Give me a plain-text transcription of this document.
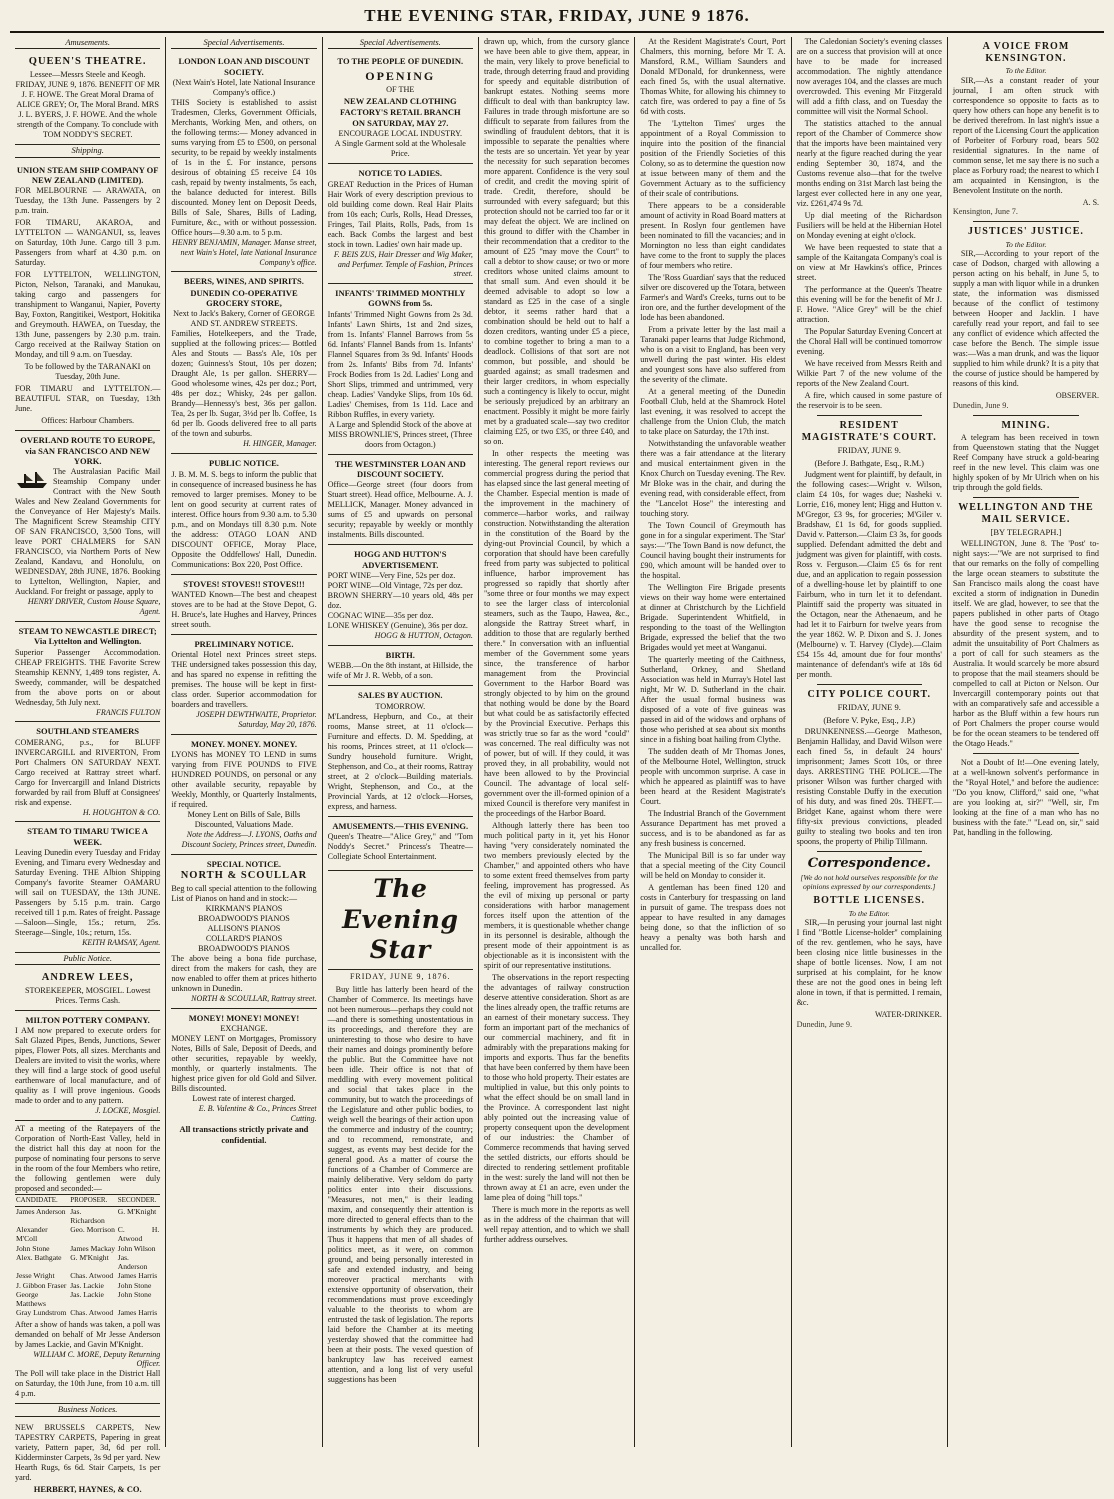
THE EVENING STAR, FRIDAY, JUNE 9 1876.
Amusements.
QUEEN'S THEATRE.
Lessee—Messrs Steele and Keogh. FRIDAY, JUNE 9, 1876. BENEFIT OF MR J. F. HOWE. The Great Moral Drama of ALICE GREY; Or, The Moral Brand. MRS J. L. BYERS, J. F. HOWE. And the whole strength of the Company. To conclude with TOM NODDY'S SECRET.
Shipping.
UNION STEAM SHIP COMPANY OF NEW ZEALAND (LIMITED).
FOR MELBOURNE — ARAWATA, on Tuesday, the 13th June. Passengers by 2 p.m. train.
FOR TIMARU, AKAROA, and LYTTELTON — WANGANUI, ss, leaves on Saturday, 10th June. Cargo till 3 p.m. Passengers from wharf at 4.30 p.m. on Saturday.
FOR LYTTELTON, WELLINGTON, Picton, Nelson, Taranaki, and Manukau, taking cargo and passengers for transhipment to Wanganui, Napier, Poverty Bay, Foxton, Rangitikei, Westport, Hokitika and Greymouth. HAWEA, on Tuesday, the 13th June, passengers by 2.30 p.m. train. Cargo received at the Railway Station on Monday, and till 9 a.m. on Tuesday.
To be followed by the TARANAKI on Tuesday, 20th June.
FOR TIMARU and LYTTELTON.— BEAUTIFUL STAR, on Tuesday, 13th June.
Offices: Harbour Chambers.
OVERLAND ROUTE TO EUROPE, via SAN FRANCISCO AND NEW YORK.
The Australasian Pacific Mail Steamship Company under Contract with the New South Wales and New Zealand Governments for the Conveyance of Her Majesty's Mails. The Magnificent Screw Steamship CITY OF SAN FRANCISCO, 3,500 Tons, will leave PORT CHALMERS for SAN FRANCISCO, via Northern Ports of New Zealand, Kandavu, and Honolulu, on WEDNESDAY, 28th JUNE, 1876. Booking to Lyttelton, Wellington, Napier, and Auckland. For freight or passage, apply to
HENRY DRIVER, Custom House Square, Agent.
STEAM TO NEWCASTLE DIRECT; Via Lyttelton and Wellington.
Superior Passenger Accommodation. CHEAP FREIGHTS. THE Favorite Screw Steamship KENNY, 1,489 tons register, A. Sweedy, commander, will be despatched from the above ports on or about Wednesday, 5th July next.
FRANCIS FULTON
SOUTHLAND STEAMERS
COMERANG, p.s., for BLUFF INVERCARGILL and RIVERTON, From Port Chalmers ON SATURDAY NEXT. Cargo received at Rattray street wharf. Cargo for Invercargill and Inland Districts forwarded by rail from Bluff at Consignees' risk and expense.
H. HOUGHTON & CO.
STEAM TO TIMARU TWICE A WEEK.
Leaving Dunedin every Tuesday and Friday Evening, and Timaru every Wednesday and Saturday Evening. THE Albion Shipping Company's favorite Steamer OAMARU will sail on TUESDAY, the 13th JUNE. Passengers by 5.15 p.m. train. Cargo received till 1 p.m. Rates of freight. Passage—Saloon—Single, 15s.; return, 25s. Steerage—Single, 10s.; return, 15s.
KEITH RAMSAY, Agent.
Public Notice.
ANDREW LEES,
STOREKEEPER, MOSGIEL. Lowest Prices. Terms Cash.
MILTON POTTERY COMPANY.
I AM now prepared to execute orders for Salt Glazed Pipes, Bends, Junctions, Sewer pipes, Flower Pots, all sizes. Merchants and Dealers are invited to visit the works, where they will find a large stock of good useful earthenware of local manufacture, and of quality as I will prove ingenious. Goods made to order and to any pattern.
J. LOCKE, Mosgiel.
AT a meeting of the Ratepayers of the Corporation of North-East Valley, held in the district hall this day at noon for the purpose of nominating four persons to serve in the room of the four Members who retire, the following gentlemen were duly proposed and seconded:—
CANDIDATE.	PROPOSER.	SECONDER.
James Anderson	Jas. Richardson	G. M'Knight
Alexander M'Coll	Geo. Morrison	C. H. Atwood
John Stone	James Mackay	John Wilson
Alex. Bathgate	G. M'Knight	Jas. Anderson
Jesse Wright	Chas. Atwood	James Harris
J. Gibbon Fraser	Jas. Lackie	John Stone
George Matthews	Jas. Lackie	John Stone
Gray Lundstrom	Chas. Atwood	James Harris
After a show of hands was taken, a poll was demanded on behalf of Mr Jesse Anderson by James Lackie, and Gavin M'Knight.
WILLIAM C. MORE, Deputy Returning Officer.
The Poll will take place in the District Hall on Saturday, the 10th June, from 10 a.m. till 4 p.m.
Business Notices.
NEW BRUSSELS CARPETS, New TAPESTRY CARPETS, Papering in great variety, Pattern paper, 3d, 6d per roll. Kidderminster Carpets, 3s 9d per yard. New Hearth Rugs, 6s 6d. Stair Carpets, 1s per yard.
HERBERT, HAYNES, & CO.
Special Advertisements.
LONDON LOAN AND DISCOUNT SOCIETY.
(Next Wain's Hotel, late National Insurance Company's office.)
THIS Society is established to assist Tradesmen, Clerks, Government Officials, Merchants, Working Men, and others, on the following terms:— Money advanced in sums varying from £5 to £500, on personal security, to be repaid by weekly instalments of 1s in the £. For instance, persons desirous of obtaining £5 receive £4 10s cash, repaid by twenty instalments, 5s each, the balance deducted for interest. Bills discounted. Money lent on Deposit Deeds, Bills of Sale, Shares, Bills of Lading, Furniture, &c., with or without possession. Office hours—9.30 a.m. to 5 p.m.
HENRY BENJAMIN, Manager. Manse street, next Wain's Hotel, late National Insurance Company's office.
BEERS, WINES, AND SPIRITS.
DUNEDIN CO-OPERATIVE GROCERY STORE,
Next to Jack's Bakery, Corner of GEORGE AND ST. ANDREW STREETS.
Families, Hotelkeepers, and the Trade, supplied at the following prices:— Bottled Ales and Stouts — Bass's Ale, 10s per dozen; Guinness's Stout, 10s per dozen; Draught Ale, 1s per gallon. SHERRY—Good wholesome wines, 42s per doz.; Port, 48s per doz.; Whisky, 24s per gallon. Brandy—Hennessy's best, 36s per gallon. Tea, 2s per lb. Sugar, 3½d per lb. Coffee, 1s 6d per lb. Goods delivered free to all parts of the town and suburbs.
H. HINGER, Manager.
PUBLIC NOTICE.
J. B. M. M. S. begs to inform the public that in consequence of increased business he has removed to larger premises. Money to be lent on good security at current rates of interest. Office hours from 9.30 a.m. to 5.30 p.m., and on Mondays till 8.30 p.m. Note the address: OTAGO LOAN AND DISCOUNT OFFICE, Moray Place, Opposite the Oddfellows' Hall, Dunedin. Communications: Box 220, Post Office.
STOVES! STOVES!! STOVES!!!
WANTED Known—The best and cheapest stoves are to be had at the Stove Depot, G. H. Bruce's, late Hughes and Harvey, Princes street south.
PRELIMINARY NOTICE.
Oriental Hotel next Princes street steps. THE undersigned takes possession this day, and has spared no expense in refitting the premises. The house will be kept in first-class order. Superior accommodation for boarders and travellers.
JOSEPH DEWTHWAITE, Proprietor. Saturday, May 20, 1876.
MONEY. MONEY. MONEY.
LYONS has MONEY TO LEND in sums varying from FIVE POUNDS to FIVE HUNDRED POUNDS, on personal or any other available security, repayable by Weekly, Monthly, or Quarterly Instalments, if required.
Money Lent on Bills of Sale, Bills Discounted, Valuations Made.
Note the Address—J. LYONS, Oaths and Discount Society, Princes street, Dunedin.
SPECIAL NOTICE.
NORTH & SCOULLAR
Beg to call special attention to the following List of Pianos on hand and in stock:—
KIRKMAN'S PIANOS
BROADWOOD'S PIANOS
ALLISON'S PIANOS
COLLARD'S PIANOS
BROADWOOD'S PIANOS
The above being a bona fide purchase, direct from the makers for cash, they are now enabled to offer them at prices hitherto unknown in Dunedin.
NORTH & SCOULLAR, Rattray street.
MONEY! MONEY! MONEY!
EXCHANGE.
MONEY LENT on Mortgages, Promissory Notes, Bills of Sale, Deposit of Deeds, and other securities, repayable by weekly, monthly, or quarterly instalments. The highest price given for old Gold and Silver. Bills discounted.
Lowest rate of interest charged.
E. B. Valentine & Co., Princes Street Cutting.
All transactions strictly private and confidential.
Special Advertisements.
TO THE PEOPLE OF DUNEDIN.
OPENING
OF THE
NEW ZEALAND CLOTHING FACTORY'S RETAIL BRANCH
ON SATURDAY, MAY 27.
ENCOURAGE LOCAL INDUSTRY.
A Single Garment sold at the Wholesale Price.
NOTICE TO LADIES.
GREAT Reduction in the Prices of Human Hair Work of every description previous to old building come down. Real Hair Plaits from 10s each; Curls, Rolls, Head Dresses, Fringes, Tail Plaits, Rolls, Pads, from 1s each. Back Combs the largest and best stock in town. Ladies' own hair made up.
F. BEIS ZUS, Hair Dresser and Wig Maker, and Perfumer. Temple of Fashion, Princes street.
INFANTS' TRIMMED MONTHLY GOWNS from 5s.
Infants' Trimmed Night Gowns from 2s 3d. Infants' Lawn Shirts, 1st and 2nd sizes, from 1s. Infants' Flannel Barrows from 5s 6d. Infants' Flannel Bands from 1s. Infants' Flannel Squares from 3s 9d. Infants' Hoods from 2s. Infants' Bibs from 7d. Infants' Frock Bodies from 1s 2d. Ladies' Long and Short Slips, trimmed and untrimmed, very cheap. Ladies' Vandyke Slips, from 10s 6d. Ladies' Chemises, from 1s 11d. Lace and Ribbon Ruffles, in every variety.
A Large and Splendid Stock of the above at MISS BROWNLIE'S, Princes street, (Three doors from Octagon.)
THE WESTMINSTER LOAN AND DISCOUNT SOCIETY.
Office—George street (four doors from Stuart street). Head office, Melbourne. A. J. MELLICK, Manager. Money advanced in sums of £5 and upwards on personal security; repayable by weekly or monthly instalments. Bills discounted.
HOGG AND HUTTON'S ADVERTISEMENT.
PORT WINE—Very Fine, 52s per doz.
PORT WINE—Old Vintage, 72s per doz.
BROWN SHERRY—10 years old, 48s per doz.
COGNAC WINE—35s per doz.
LONE WHISKEY (Genuine), 36s per doz.
HOGG & HUTTON, Octagon.
BIRTH.
WEBB.—On the 8th instant, at Hillside, the wife of Mr J. R. Webb, of a son.
SALES BY AUCTION.
TOMORROW.
M'Landress, Hepburn, and Co., at their rooms, Manse street, at 11 o'clock—Furniture and effects. D. M. Spedding, at his rooms, Princes street, at 11 o'clock—Sundry household furniture. Wright, Stephenson, and Co., at their rooms, Rattray street, at 2 o'clock—Building materials. Wright, Stephenson, and Co., at the Provincial Yards, at 12 o'clock—Horses, express, and harness.
AMUSEMENTS.—THIS EVENING.
Queen's Theatre—"Alice Grey," and "Tom Noddy's Secret." Princess's Theatre—Collegiate School Entertainment.
The Evening Star
FRIDAY, JUNE 9, 1876.

Buy little has latterly been heard of the Chamber of Commerce. Its meetings have not been numerous—perhaps they could not—and there is something unostentatious in its proceedings, and therefore they are uninteresting to those who desire to have their names and doings prominently before the public. But the Committee have not been idle. Their office is not that of meddling with every movement political and social that takes place in the community, but to watch the proceedings of the Legislature and other public bodies, to weigh well the bearings of their action upon the commerce and industry of the country; and to recommend, remonstrate, and suggest, as events may best decide for the general good. As a matter of course the functions of a Chamber of Commerce are mainly deliberative. Very seldom do party politics enter into their discussions. "Measures, not men," is their leading maxim, and consequently their attention is more directed to general effects than to the instruments by which they are produced. Thus it happens that men of all shades of politics meet, as it were, on common ground, and being personally interested in safe and extended industry, and being moreover practical merchants with extensive opportunity of observation, their recommendations must prove exceedingly valuable to the theorists to whom are entrusted the task of legislation. The reports laid before the Chamber at its meeting yesterday showed that the committee had been at their posts. The vexed question of bankruptcy law has received earnest attention, and a long list of very useful suggestions has been

drawn up, which, from the cursory glance we have been able to give them, appear, in the main, very likely to prove beneficial to trade, through deterring fraud and providing for speedy and equitable distribution of bankrupt estates. Nothing seems more difficult to deal with than bankruptcy law. Failures in trade through misfortune are so difficult to separate from failures from the swindling of fraudulent debtors, that it is impossible to separate the penalties where the tests are so uncertain. Yet year by year the necessity for such separation becomes more apparent. Confidence is the very soul of credit, and credit the moving spirit of trade. Credit, therefore, should be surrounded with every safeguard; but this protection should not be carried too far or it may defeat the object. We are inclined on this ground to differ with the Chamber in their recommendation that a creditor to the amount of £25 "may move the Court" to call a debtor to show cause; or two or more creditors whose united claims amount to that small sum. And even should it be deemed advisable to adopt so low a standard as £25 in the case of a single debtor, it seems rather hard that a combination should be held out to half a dozen creditors, wanting under £5 a piece, to combine together to bring a man to a deadlock. Collisions of that sort are not common, but possible, and should be guarded against; as small tradesmen and their larger creditors, in whom especially such a contingency is likely to occur, might be seriously prejudiced by an arbitrary an enactment. Possibly it might be more fairly met by a graduated scale—say two creditor claiming £25, or two £35, or three £40, and so on.

In other respects the meeting was interesting. The general report reviews our commercial progress during the period that has elapsed since the last general meeting of the Chamber. Especial mention is made of the improvement in the machinery of commerce—harbor works, and railway construction. Notwithstanding the alteration in the constitution of the Board by the dying-out Provincial Council, by which a corporation that should have been carefully freed from party was subjected to political influence, harbor improvement has progressed so rapidly that shortly after "some three or four months we may expect to see the larger class of intercolonial steamers, such as the Taupo, Hawea, &c., alongside the Rattray Street wharf, in addition to those that are regularly berthed there." In conversation with an influential member of the Government some years since, the transference of harbor management from the Provincial Government to the Harbor Board was strongly objected to by him on the ground that nothing would be done by the Board but what could be as satisfactorily effected by the Provincial Executive. Perhaps this was strictly true so far as the word "could" was concerned. The real difficulty was not of power, but of will. If they could, it was proved they, in all probability, would not have been allowed to by the Provincial Council. The advantage of local self-government over the ill-formed opinion of a mixed Council is therefore very manifest in the proceedings of the Harbor Board.

Although latterly there has been too much political party in it, yet his Honor having "very considerately nominated the two members previously elected by the Chamber," and appointed others who have to some extent freed themselves from party feeling, improvement has progressed. As the evil of mixing up personal or party considerations with harbor management forces itself upon the attention of the members, it is questionable whether change in its personnel is desirable, although the present mode of their appointment is as objectionable as it is inconsistent with the spirit of our representative institutions.

The observations in the report respecting the advantages of railway construction deserve attentive consideration. Short as are the lines already open, the traffic returns are an earnest of their monetary success. They form an important part of the mechanics of our commercial machinery, and fit in admirably with the preparations making for imports and exports. Thus far the benefits that have been conferred by them have been to those who hold property. Their estates are multiplied in value, but this only points to what the effect should be on small land in the Province. A correspondent last night ably pointed out the increasing value of property consequent upon the development of our industries: the Chamber of Commerce recommends that having served the settled districts, our efforts should be directed to rendering settlement profitable in the west: surely the land will not then be thrown away at £1 an acre, even under the lame plea of doing "hill tops."

There is much more in the reports as well as in the address of the chairman that will well repay attention, and to which we shall further address ourselves.

At the Resident Magistrate's Court, Port Chalmers, this morning, before Mr T. A. Mansford, R.M., William Saunders and Donald M'Donald, for drunkenness, were each fined 5s, with the usual alternative. Thomas White, for allowing his chimney to catch fire, was ordered to pay a fine of 5s 6d with costs.

The 'Lyttelton Times' urges the appointment of a Royal Commission to inquire into the position of the financial position of the Friendly Societies of this Colony, so as to determine the question now at issue between many of them and the Government Actuary as to the sufficiency of their scale of contributions.

There appears to be a considerable amount of activity in Road Board matters at present. In Roslyn four gentlemen have been nominated to fill the vacancies; and in Mornington no less than eight candidates have come to the front to supply the places of four members who retire.

The 'Ross Guardian' says that the reduced silver ore discovered up the Totara, between Farmer's and Ward's Creeks, turns out to be iron ore, and the further development of the lode has been abandoned.

From a private letter by the last mail a Taranaki paper learns that Judge Richmond, who is on a visit to England, has been very unwell during the past winter. His eldest and youngest sons have also suffered from the severity of the climate.

At a general meeting of the Dunedin Football Club, held at the Shamrock Hotel last evening, it was resolved to accept the challenge from the Union Club, the match to take place on Saturday, the 17th inst.

Notwithstanding the unfavorable weather there was a fair attendance at the literary and musical entertainment given in the Knox Church on Tuesday evening. The Rev. Mr Bloke was in the chair, and during the evening read, with considerable effect, from the "Lancelot Hose" the interesting and touching story.

The Town Council of Greymouth has gone in for a singular experiment. The 'Star' says:—"The Town Band is now defunct, the Council having bought their instruments for £90, which amount will be handed over to the hospital.

The Wellington Fire Brigade presents views on their way home were entertained at dinner at Christchurch by the Lichfield Brigade. Superintendent Whitfield, in responding to the toast of the Wellington Brigade, expressed the belief that the two Brigades would yet meet at Wanganui.

The quarterly meeting of the Caithness, Sutherland, Orkney, and Shetland Association was held in Murray's Hotel last night, Mr W. D. Sutherland in the chair. After the usual formal business was disposed of a vote of five guineas was passed in aid of the widows and orphans of those who perished at sea about six months since in a fishing boat hailing from Clythe.

The sudden death of Mr Thomas Jones, of the Melbourne Hotel, Wellington, struck people with uncommon surprise. A case in which he appeared as plaintiff was to have been heard at the Resident Magistrate's Court.

The Industrial Branch of the Government Assurance Department has met proved a success, and is to be abandoned as far as any fresh business is concerned.

The Municipal Bill is so far under way that a special meeting of the City Council will be held on Monday to consider it.

A gentleman has been fined 120 and costs in Canterbury for trespassing on land in pursuit of game. The trespass does not appear to have resulted in any damages being done, so that the infliction of so heavy a penalty was both harsh and uncalled for.

The Caledonian Society's evening classes are on a success that provision will at once have to be made for increased accommodation. The nightly attendance now averages 104, and the classes are much overcrowded. This evening Mr Fitzgerald will add a fifth class, and on Tuesday the committee will visit the Normal School.

The statistics attached to the annual report of the Chamber of Commerce show that the imports have been maintained very nearly at the figure reached during the year ending September 30, 1874, and the Customs revenue also—that for the twelve months ending on 31st March last being the largest ever collected here in any one year, viz. £261,474 9s 7d.

Up dial meeting of the Richardson Fusiliers will be held at the Hibernian Hotel on Monday evening at eight o'clock.

We have been requested to state that a sample of the Kaitangata Company's coal is on view at Mr Hawkins's office, Princes street.

The performance at the Queen's Theatre this evening will be for the benefit of Mr J. F. Howe. "Alice Grey" will be the chief attraction.

The Popular Saturday Evening Concert at the Choral Hall will be continued tomorrow evening.

We have received from Messrs Reith and Wilkie Part 7 of the new volume of the reports of the New Zealand Court.

A fire, which caused in some pasture of the reservoir is to be seen.

RESIDENT MAGISTRATE'S COURT.
FRIDAY, JUNE 9.
(Before J. Bathgate, Esq., R.M.)

Judgment went for plaintiff, by default, in the following cases:—Wright v. Wilson, claim £4 10s, for wages due; Nasheki v. Lorrie, £16, money lent; Higg and Hutton v. M'Gregor, £3 9s, for groceries; M'Giler v. Bradshaw, £1 1s 6d, for goods supplied. David v. Patterson.—Claim £3 3s, for goods supplied. Defendant admitted the debt and judgment was given for plaintiff, with costs. Ross v. Ferguson.—Claim £5 6s for rent due, and an application to regain possession of a dwelling-house let by plaintiff to one Fairburn, who in turn let it to defendant. Plaintiff said the property was situated in the Octagon, near the Athenaeum, and he had let it to Fairburn for twelve years from the year 1862. W. P. Dixon and S. J. Jones (Melbourne) v. T. Harvey (Clyde).—Claim £54 15s 4d, amount due for four months' maintenance of defendant's wife at 18s 6d per month.

CITY POLICE COURT.
FRIDAY, JUNE 9.
(Before V. Pyke, Esq., J.P.)

DRUNKENNESS.—George Matheson, Benjamin Halliday, and David Wilson were each fined 5s, in default 24 hours' imprisonment; James Scott 10s, or three days. ARRESTING THE POLICE.—The prisoner Wilson was further charged with resisting Constable Duffy in the execution of his duty, and was fined 20s. THEFT.—Bridget Kane, against whom there were fifty-six previous convictions, pleaded guilty to stealing two books and ten iron spoons, the property of Philip Tillmann.

Correspondence.
[We do not hold ourselves responsible for the opinions expressed by our correspondents.]
BOTTLE LICENSES.
To the Editor.

SIR,—In perusing your journal last night I find "Bottle License-holder" complaining of the rev. gentlemen, who he says, have been closing nice little businesses in the shape of bottle licenses. Now, I am not surprised at his complaint, for he know these are not the good ones in being left alone in town, if that is permitted. I remain, &c.

WATER-DRINKER.
Dunedin, June 9.
A VOICE FROM KENSINGTON.
To the Editor.

SIR,—As a constant reader of your journal, I am often struck with correspondence so opposite to facts as to query how others can hope any benefit is to be derived therefrom. In last night's issue a report of the Licensing Court the application of Porbeiter of Forbury road, bears 502 residential signatures. In the name of common sense, let me say there is no such a place as Forbury road; the nearest to which I am acquainted in Kensington, is the Benevolent Institute on the north.

A. S.
Kensington, June 7.
JUSTICES' JUSTICE.
To the Editor.

SIR,—According to your report of the case of Dodson, charged with allowing a person acting on his behalf, in June 5, to supply a man with liquor while in a drunken state, the information was dismissed because of the conflict of testimony between Hooper and Jacklin. I have carefully read your report, and fail to see any conflict of evidence which affected the case before the Bench. The simple issue was:—Was a man drunk, and was the liquor supplied to him while drunk? It is a pity that the course of justice should be hampered by reasons of this kind.

OBSERVER.
Dunedin, June 9.
MINING.

A telegram has been received in town from Queenstown stating that the Nugget Reef Company have struck a gold-bearing reef in the new level. This claim was one highly spoken of by Mr Ulrich when on his trip through the gold fields.

WELLINGTON AND THE MAIL SERVICE.
[BY TELEGRAPH.]

WELLINGTON, June 8. The 'Post' to-night says:—"We are not surprised to find that our remarks on the folly of compelling the large ocean steamers to substitute the San Francisco mails along the coast have excited a storm of indignation in Dunedin itself. We are glad, however, to see that the papers published in other parts of Otago have the good sense to recognise the absurdity of the present system, and to admit the unsuitability of Port Chalmers as a port of call for such steamers as the Australia. It would scarcely be more absurd to propose that the mail steamers should be compelled to call at Picton or Nelson. Our Invercargill contemporary points out that with an comparatively safe and accessible a harbor as the Bluff within a few hours run of Port Chalmers the proper course would be for the ocean steamers to be tendered off the Otago Heads."

Not a Doubt of It!—One evening lately, at a well-known solvent's performance in the "Royal Hotel," and before the audience: "Do you know, Clifford," said one, "what are you looking at, sir?" "Well, sir, I'm looking at the fine of a man who has no business with the fate." "Lead on, sir," said Pat, handling in the following.
